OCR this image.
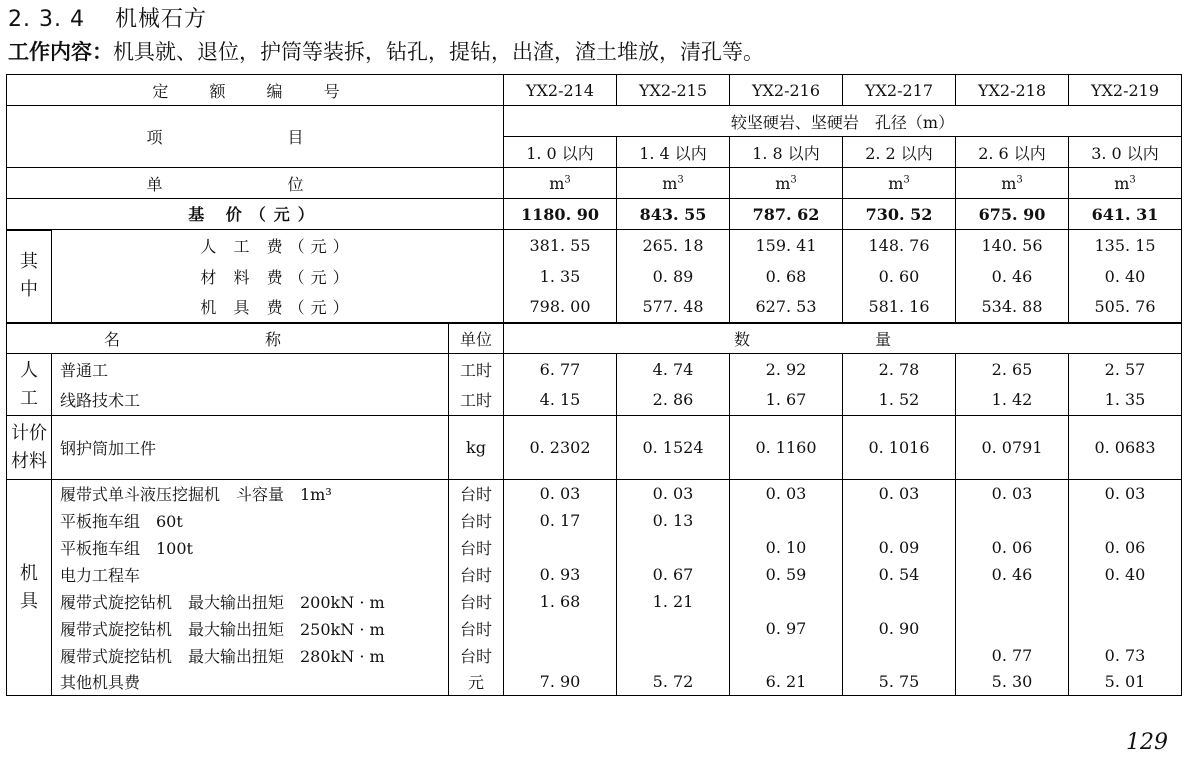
2. 3. 4 机械石方
工作内容：机具就、退位，护筒等装拆，钻孔，提钻，出渣，渣土堆放，清孔等。
定 额 编 号			YX2-214	YX2-215	YX2-216	YX2-217	YX2-218	YX2-219
项 目			较坚硬岩、坚硬岩　孔径（m）					
			1. 0 以内	1. 4 以内	1. 8 以内	2. 2 以内	2. 6 以内	3. 0 以内
单 位			$m^3$	$m^3$	$m^3$	$m^3$	$m^3$	$m^3$
基 价（元）			1180. 90	843. 55	787. 62	730. 52	675. 90	641. 31

其
中	人 工 费（元）		381. 55	265. 18	159. 41	148. 76	140. 56	135. 15
	材 料 费（元）		1. 35	0. 89	0. 68	0. 60	0. 46	0. 40
	机 具 费（元）		798. 00	577. 48	627. 53	581. 16	534. 88	505. 76
名 称		单位	数 量					

人
工	普通工	工时	6. 77	4. 74	2. 92	2. 78	2. 65	2. 57
	线路技术工	工时	4. 15	2. 86	1. 67	1. 52	1. 42	1. 35

计价
材料	钢护筒加工件	kg	0. 2302	0. 1524	0. 1160	0. 1016	0. 0791	0. 0683

机
具	履带式单斗液压挖掘机　斗容量　1m³	台时	0. 03	0. 03	0. 03	0. 03	0. 03	0. 03
	平板拖车组　60t	台时	0. 17	0. 13				
	平板拖车组　100t	台时			0. 10	0. 09	0. 06	0. 06
	电力工程车	台时	0. 93	0. 67	0. 59	0. 54	0. 46	0. 40
	履带式旋挖钻机　最大输出扭矩　200kN · m	台时	1. 68	1. 21				
	履带式旋挖钻机　最大输出扭矩　250kN · m	台时			0. 97	0. 90		
	履带式旋挖钻机　最大输出扭矩　280kN · m	台时					0. 77	0. 73
	其他机具费	元	7. 90	5. 72	6. 21	5. 75	5. 30	5. 01
129
